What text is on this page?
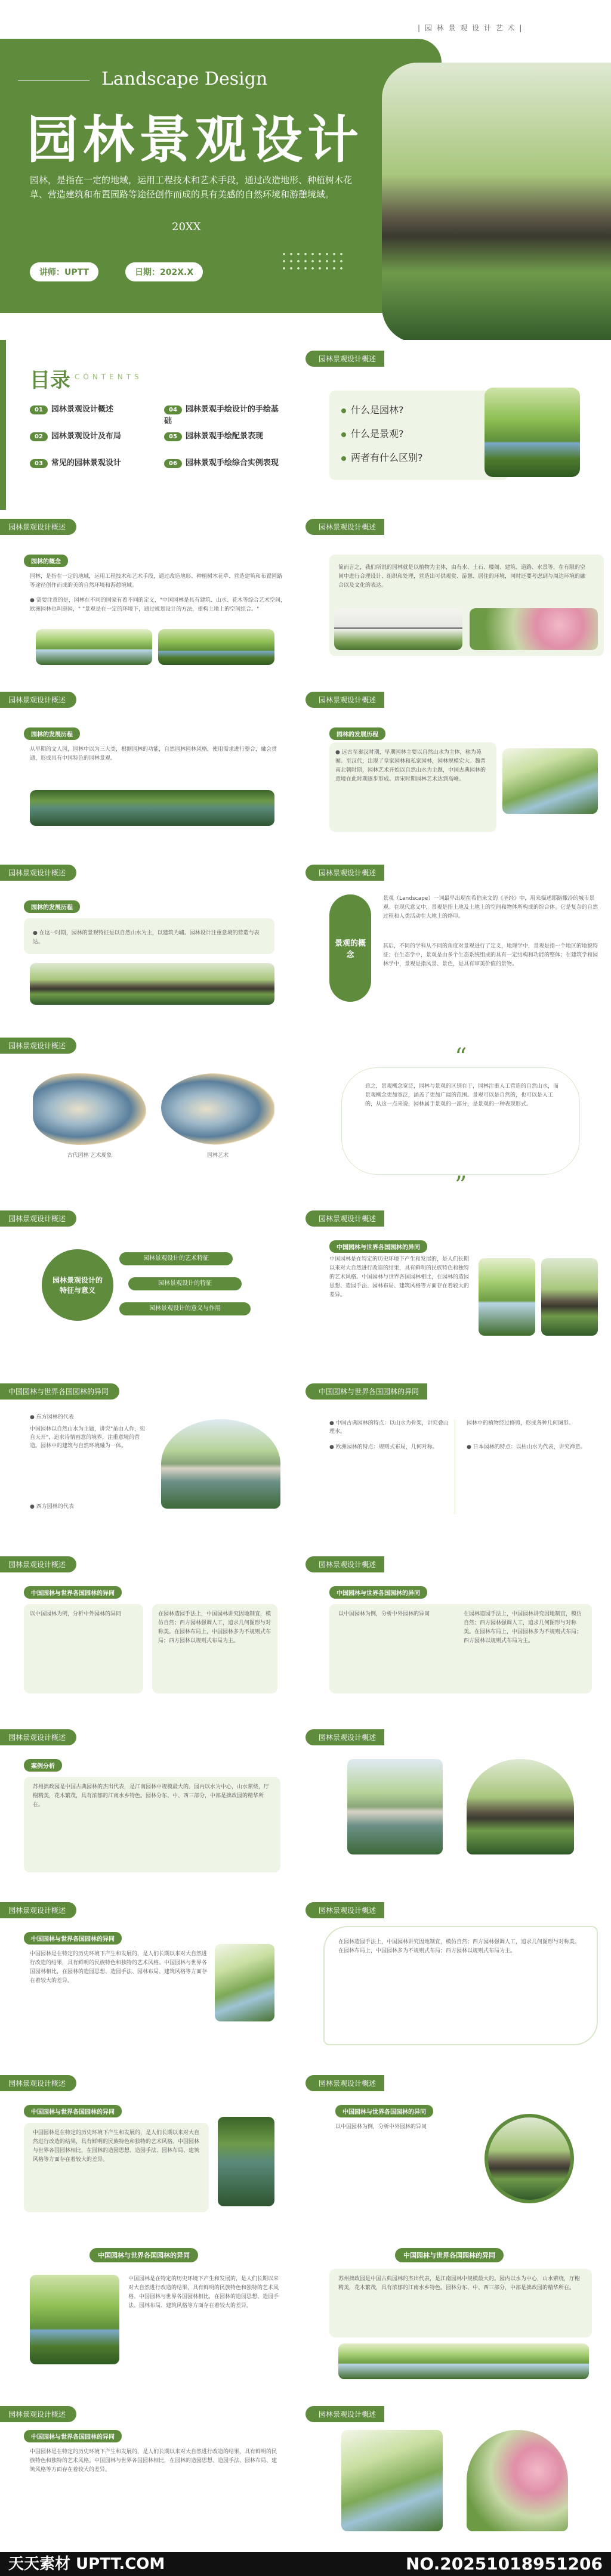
| 园 林 景 观 设 计 艺 术 |
Landscape Design
园林景观设计
园林，是指在一定的地域，运用工程技术和艺术手段，通过改造地形、种植树木花草、营造建筑和布置园路等途径创作而成的具有美感的自然环境和游憩境域。
20XX
讲师：UPTT	日期：202X.X
目录 CONTENTS
01 园林景观设计概述
02 园林景观设计及布局
03 常见的园林景观设计
04 园林景观手绘设计的手绘基础
05 园林景观手绘配景表现
06 园林景观手绘综合实例表现
园林景观设计概述
什么是园林?
什么是景观?
两者有什么区别?
园林景观设计概述
园林的概念
园林，是指在一定的地域，运用工程技术和艺术手段，通过改造地形、种植树木花草、营造建筑和布置园路等途径创作而成的美的自然环境和游憩境域。
● 需要注意的是，园林在不同的国家有着不同的定义，"中国园林是具有建筑、山水、花木等综合艺术空间，欧洲园林也叫庭园，" "景观是在一定的环境下，通过规划设计的方法，重构土地上的空间组合。"
园林景观设计概述
简而言之，我们所说的园林就是以植物为主体，由有水、土石、楼阁、建筑、道路、水景等，在有限的空间中进行合理设计、组织和处理，营造出可供观赏、游憩、居住的环境，同时还要考虑到与周边环境的融合以及文化的表达。
园林景观设计概述
园林的发展历程
从早期的文人园，园林中以为三大类，根据园林的功能，自然园林园林风格，使用需求进行整合，融会贯通，形成具有中国特色的园林景观。
园林景观设计概述
园林的发展历程
● 远古至秦汉时期，早期园林主要以自然山水为主体，称为苑囿。至汉代，出现了皇家园林和私家园林，园林规模宏大。魏晋南北朝时期，园林艺术开始以自然山水为主题，中国古典园林的意境在此时期逐步形成。唐宋时期园林艺术达到高峰。
园林景观设计概述
园林的发展历程
● 在这一时期，园林的景观特征是以自然山水为主，以建筑为辅。园林设计注重意境的营造与表达。
园林景观设计概述
景观的概念
景观（Landscape）一词最早出现在希伯来文的《圣经》中，用来描述耶路撒冷的城市景观。在现代意义中，景观是指土地及土地上的空间和物体所构成的综合体。它是复杂的自然过程和人类活动在大地上的烙印。
其后，不同的学科从不同的角度对景观进行了定义，地理学中，景观是指一个地区的地貌特征；在生态学中，景观是由多个生态系统组成的具有一定结构和功能的整体；在建筑学和园林学中，景观是指风景、景色，是具有审美价值的景物。
园林景观设计概述
古代园林 艺术现象	园林艺术
“
总之，景观概念宽泛，园林与景观的区别在于，园林注重人工营造的自然山水，而景观概念更加宽泛，涵盖了更加广阔的范围。景观可以是自然的，也可以是人工的，从这一点来说，园林属于景观的一部分，是景观的一种表现形式。
”
园林景观设计概述
园林景观设计的特征与意义
园林景观设计的艺术特征
园林景观设计的特征
园林景观设计的意义与作用
园林景观设计概述
中国园林与世界各国园林的异同
中国园林是在特定的历史环境下产生和发展的，是人们长期以来对大自然进行改造的结果，具有鲜明的民族特色和独特的艺术风格。中国园林与世界各国园林相比，在园林的造园思想、造园手法、园林布局、建筑风格等方面存在着较大的差异。
中国园林与世界各国园林的异同
● 东方园林的代表
中国园林以自然山水为主题，讲究"虽由人作，宛自天开"，追求诗情画意的境界，注重意境的营造。园林中的建筑与自然环境融为一体。
● 西方园林的代表
中国园林与世界各国园林的异同
● 中国古典园林的特点：以山水为骨架，讲究叠山理水。
● 欧洲园林的特点：规则式布局，几何对称。
园林中的植物经过修剪，形成各种几何图形。
● 日本园林的特点：以枯山水为代表，讲究禅意。
园林景观设计概述
中国园林与世界各国园林的异同
以中国园林为例，分析中外园林的异同	在园林造园手法上，中国园林讲究因地制宜，模仿自然；西方园林强调人工，追求几何图形与对称美。在园林布局上，中国园林多为不规则式布局；西方园林以规则式布局为主。
园林景观设计概述
中国园林与世界各国园林的异同
以中国园林为例，分析中外园林的异同	在园林造园手法上，中国园林讲究因地制宜，模仿自然；西方园林强调人工，追求几何图形与对称美。在园林布局上，中国园林多为不规则式布局；西方园林以规则式布局为主。
园林景观设计概述
案例分析
苏州拙政园是中国古典园林的杰出代表，是江南园林中规模最大的。园内以水为中心，山水萦绕，厅榭精美，花木繁茂，具有浓郁的江南水乡特色。园林分东、中、西三部分，中部是拙政园的精华所在。
园林景观设计概述
园林景观设计概述
中国园林与世界各国园林的异同
中国园林是在特定的历史环境下产生和发展的，是人们长期以来对大自然进行改造的结果，具有鲜明的民族特色和独特的艺术风格。中国园林与世界各国园林相比，在园林的造园思想、造园手法、园林布局、建筑风格等方面存在着较大的差异。
园林景观设计概述
在园林造园手法上，中国园林讲究因地制宜，模仿自然；西方园林强调人工，追求几何图形与对称美。在园林布局上，中国园林多为不规则式布局；西方园林以规则式布局为主。
园林景观设计概述
中国园林与世界各国园林的异同
中国园林是在特定的历史环境下产生和发展的，是人们长期以来对大自然进行改造的结果，具有鲜明的民族特色和独特的艺术风格。中国园林与世界各国园林相比，在园林的造园思想、造园手法、园林布局、建筑风格等方面存在着较大的差异。
园林景观设计概述
中国园林与世界各国园林的异同
以中国园林为例，分析中外园林的异同
中国园林与世界各国园林的异同
中国园林是在特定的历史环境下产生和发展的，是人们长期以来对大自然进行改造的结果，具有鲜明的民族特色和独特的艺术风格。中国园林与世界各国园林相比，在园林的造园思想、造园手法、园林布局、建筑风格等方面存在着较大的差异。
中国园林与世界各国园林的异同
苏州拙政园是中国古典园林的杰出代表，是江南园林中规模最大的。园内以水为中心，山水萦绕，厅榭精美，花木繁茂，具有浓郁的江南水乡特色。园林分东、中、西三部分，中部是拙政园的精华所在。
园林景观设计概述
中国园林与世界各国园林的异同
中国园林是在特定的历史环境下产生和发展的，是人们长期以来对大自然进行改造的结果，具有鲜明的民族特色和独特的艺术风格。中国园林与世界各国园林相比，在园林的造园思想、造园手法、园林布局、建筑风格等方面存在着较大的差异。
园林景观设计概述
天天素材 UPTT.COM	NO.20251018951206
